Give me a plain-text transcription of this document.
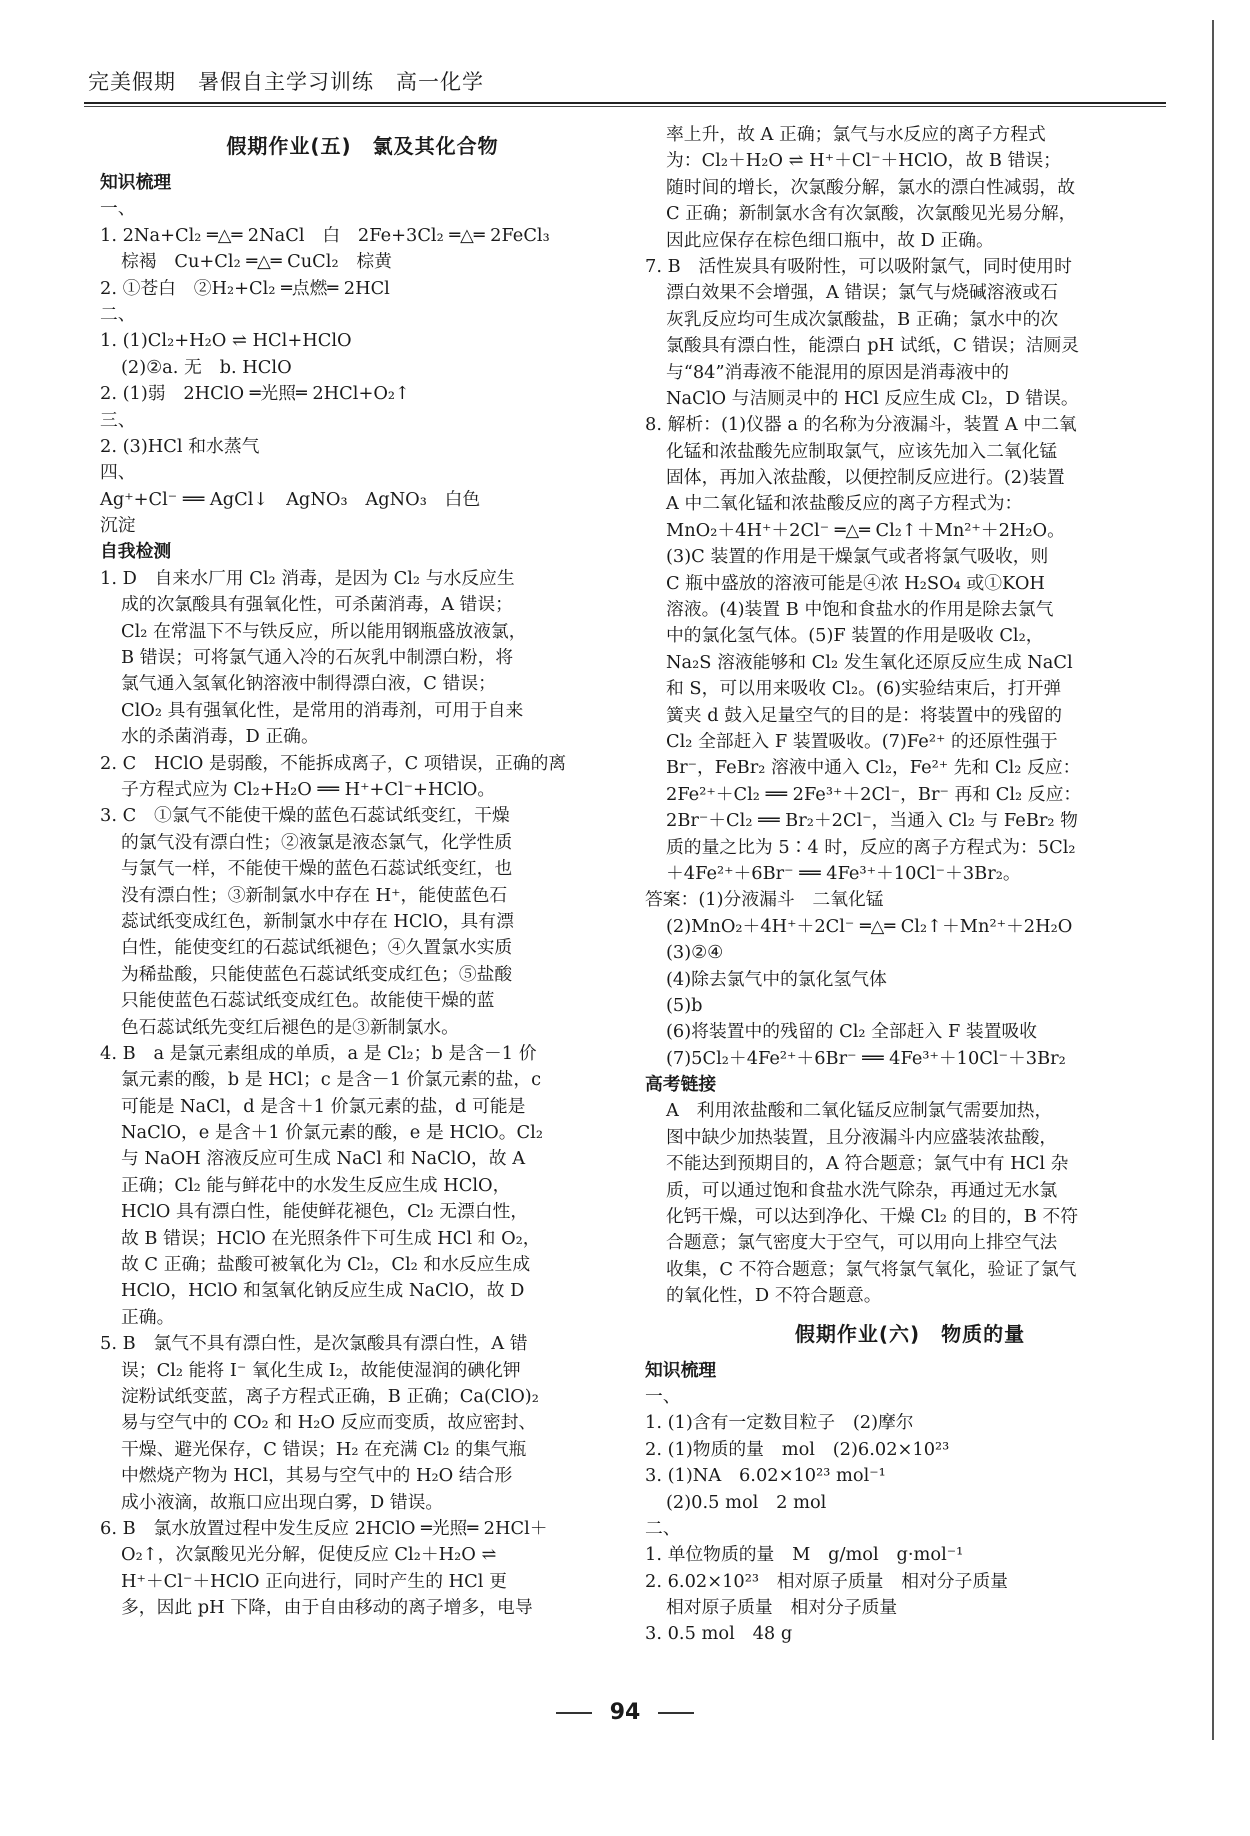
完美假期　暑假自主学习训练　高一化学
假期作业(五)　氯及其化合物
知识梳理
一、
1. 2Na+Cl₂ ═△═ 2NaCl　白　2Fe+3Cl₂ ═△═ 2FeCl₃
棕褐　Cu+Cl₂ ═△═ CuCl₂　棕黄
2. ①苍白　②H₂+Cl₂ ═点燃═ 2HCl
二、
1. (1)Cl₂+H₂O ⇌ HCl+HClO
(2)②a. 无　b. HClO
2. (1)弱　2HClO ═光照═ 2HCl+O₂↑
三、
2. (3)HCl 和水蒸气
四、
Ag⁺+Cl⁻ ══ AgCl↓　AgNO₃　AgNO₃　白色
沉淀
自我检测
1. D　自来水厂用 Cl₂ 消毒，是因为 Cl₂ 与水反应生
成的次氯酸具有强氧化性，可杀菌消毒，A 错误；
Cl₂ 在常温下不与铁反应，所以能用钢瓶盛放液氯，
B 错误；可将氯气通入冷的石灰乳中制漂白粉，将
氯气通入氢氧化钠溶液中制得漂白液，C 错误；
ClO₂ 具有强氧化性，是常用的消毒剂，可用于自来
水的杀菌消毒，D 正确。
2. C　HClO 是弱酸，不能拆成离子，C 项错误，正确的离
子方程式应为 Cl₂+H₂O ══ H⁺+Cl⁻+HClO。
3. C　①氯气不能使干燥的蓝色石蕊试纸变红，干燥
的氯气没有漂白性；②液氯是液态氯气，化学性质
与氯气一样，不能使干燥的蓝色石蕊试纸变红，也
没有漂白性；③新制氯水中存在 H⁺，能使蓝色石
蕊试纸变成红色，新制氯水中存在 HClO，具有漂
白性，能使变红的石蕊试纸褪色；④久置氯水实质
为稀盐酸，只能使蓝色石蕊试纸变成红色；⑤盐酸
只能使蓝色石蕊试纸变成红色。故能使干燥的蓝
色石蕊试纸先变红后褪色的是③新制氯水。
4. B　a 是氯元素组成的单质，a 是 Cl₂；b 是含－1 价
氯元素的酸，b 是 HCl；c 是含－1 价氯元素的盐，c
可能是 NaCl，d 是含＋1 价氯元素的盐，d 可能是
NaClO，e 是含＋1 价氯元素的酸，e 是 HClO。Cl₂
与 NaOH 溶液反应可生成 NaCl 和 NaClO，故 A
正确；Cl₂ 能与鲜花中的水发生反应生成 HClO，
HClO 具有漂白性，能使鲜花褪色，Cl₂ 无漂白性，
故 B 错误；HClO 在光照条件下可生成 HCl 和 O₂，
故 C 正确；盐酸可被氧化为 Cl₂，Cl₂ 和水反应生成
HClO，HClO 和氢氧化钠反应生成 NaClO，故 D
正确。
5. B　氯气不具有漂白性，是次氯酸具有漂白性，A 错
误；Cl₂ 能将 I⁻ 氧化生成 I₂，故能使湿润的碘化钾
淀粉试纸变蓝，离子方程式正确，B 正确；Ca(ClO)₂
易与空气中的 CO₂ 和 H₂O 反应而变质，故应密封、
干燥、避光保存，C 错误；H₂ 在充满 Cl₂ 的集气瓶
中燃烧产物为 HCl，其易与空气中的 H₂O 结合形
成小液滴，故瓶口应出现白雾，D 错误。
6. B　氯水放置过程中发生反应 2HClO ═光照═ 2HCl＋
O₂↑，次氯酸见光分解，促使反应 Cl₂＋H₂O ⇌
H⁺＋Cl⁻＋HClO 正向进行，同时产生的 HCl 更
多，因此 pH 下降，由于自由移动的离子增多，电导
率上升，故 A 正确；氯气与水反应的离子方程式
为：Cl₂＋H₂O ⇌ H⁺＋Cl⁻＋HClO，故 B 错误；
随时间的增长，次氯酸分解，氯水的漂白性减弱，故
C 正确；新制氯水含有次氯酸，次氯酸见光易分解，
因此应保存在棕色细口瓶中，故 D 正确。
7. B　活性炭具有吸附性，可以吸附氯气，同时使用时
漂白效果不会增强，A 错误；氯气与烧碱溶液或石
灰乳反应均可生成次氯酸盐，B 正确；氯水中的次
氯酸具有漂白性，能漂白 pH 试纸，C 错误；洁厕灵
与“84”消毒液不能混用的原因是消毒液中的
NaClO 与洁厕灵中的 HCl 反应生成 Cl₂，D 错误。
8. 解析：(1)仪器 a 的名称为分液漏斗，装置 A 中二氧
化锰和浓盐酸先应制取氯气，应该先加入二氧化锰
固体，再加入浓盐酸，以便控制反应进行。(2)装置
A 中二氧化锰和浓盐酸反应的离子方程式为：
MnO₂＋4H⁺＋2Cl⁻ ═△═ Cl₂↑＋Mn²⁺＋2H₂O。
(3)C 装置的作用是干燥氯气或者将氯气吸收，则
C 瓶中盛放的溶液可能是④浓 H₂SO₄ 或①KOH
溶液。(4)装置 B 中饱和食盐水的作用是除去氯气
中的氯化氢气体。(5)F 装置的作用是吸收 Cl₂，
Na₂S 溶液能够和 Cl₂ 发生氧化还原反应生成 NaCl
和 S，可以用来吸收 Cl₂。(6)实验结束后，打开弹
簧夹 d 鼓入足量空气的目的是：将装置中的残留的
Cl₂ 全部赶入 F 装置吸收。(7)Fe²⁺ 的还原性强于
Br⁻，FeBr₂ 溶液中通入 Cl₂，Fe²⁺ 先和 Cl₂ 反应：
2Fe²⁺＋Cl₂ ══ 2Fe³⁺＋2Cl⁻，Br⁻ 再和 Cl₂ 反应：
2Br⁻＋Cl₂ ══ Br₂＋2Cl⁻，当通入 Cl₂ 与 FeBr₂ 物
质的量之比为 5∶4 时，反应的离子方程式为：5Cl₂
＋4Fe²⁺＋6Br⁻ ══ 4Fe³⁺＋10Cl⁻＋3Br₂。
答案：(1)分液漏斗　二氧化锰
(2)MnO₂＋4H⁺＋2Cl⁻ ═△═ Cl₂↑＋Mn²⁺＋2H₂O
(3)②④
(4)除去氯气中的氯化氢气体
(5)b
(6)将装置中的残留的 Cl₂ 全部赶入 F 装置吸收
(7)5Cl₂＋4Fe²⁺＋6Br⁻ ══ 4Fe³⁺＋10Cl⁻＋3Br₂
高考链接
A　利用浓盐酸和二氧化锰反应制氯气需要加热，
图中缺少加热装置，且分液漏斗内应盛装浓盐酸，
不能达到预期目的，A 符合题意；氯气中有 HCl 杂
质，可以通过饱和食盐水洗气除杂，再通过无水氯
化钙干燥，可以达到净化、干燥 Cl₂ 的目的，B 不符
合题意；氯气密度大于空气，可以用向上排空气法
收集，C 不符合题意；氯气将氯气氧化，验证了氯气
的氧化性，D 不符合题意。
假期作业(六)　物质的量
知识梳理
一、
1. (1)含有一定数目粒子　(2)摩尔
2. (1)物质的量　mol　(2)6.02×10²³
3. (1)NA　6.02×10²³ mol⁻¹
(2)0.5 mol　2 mol
二、
1. 单位物质的量　M　g/mol　g·mol⁻¹
2. 6.02×10²³　相对原子质量　相对分子质量
相对原子质量　相对分子质量
3. 0.5 mol　48 g
94
